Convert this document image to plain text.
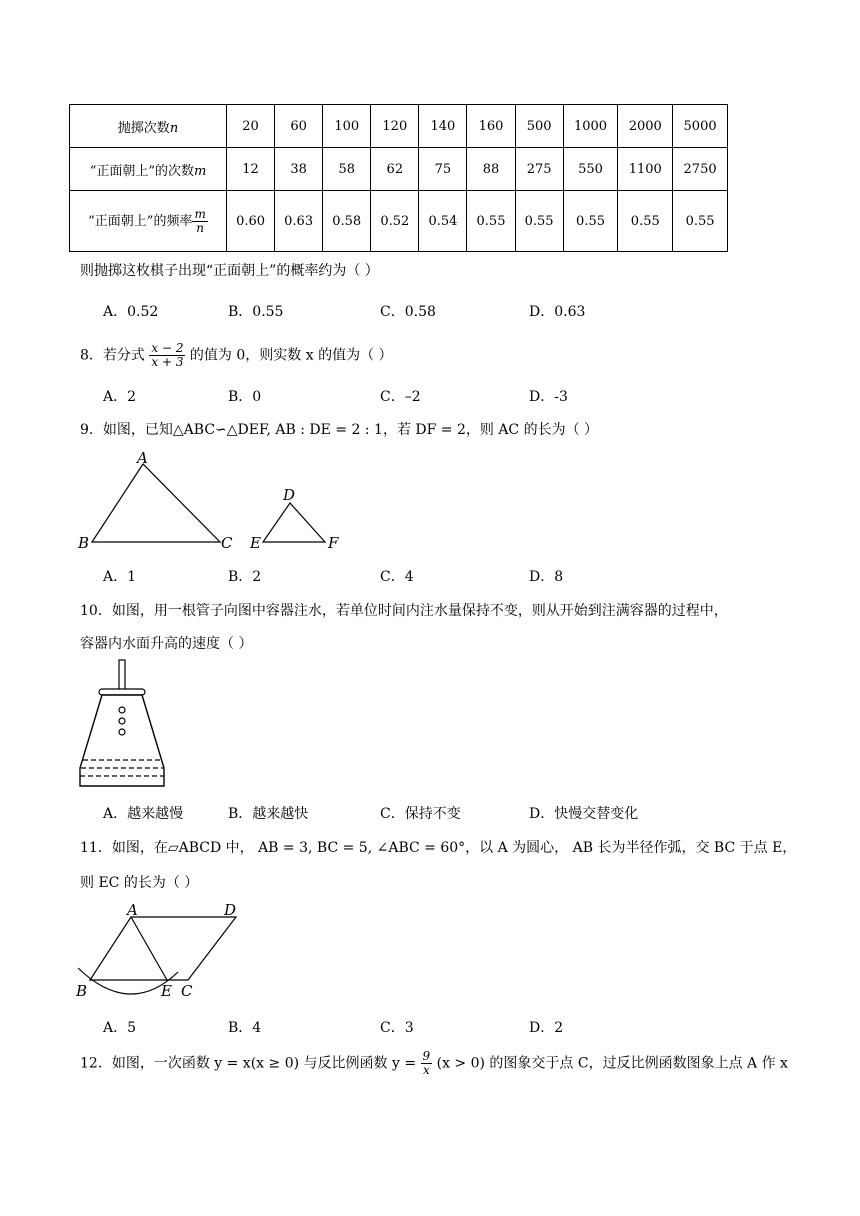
抛掷次数n	20	60	100	120	140	160	500	1000	2000	5000
“正面朝上”的次数m	12	38	58	62	75	88	275	550	1100	2750
“正面朝上”的频率 $\frac{m}{n}$	0.60	0.63	0.58	0.52	0.54	0.55	0.55	0.55	0.55	0.55
则抛掷这枚棋子出现“正面朝上”的概率约为（ ）
A．0.52	B．0.55	C．0.58	D．0.63
8．若分式 $\frac{x - 2}{x + 3}$ 的值为 0，则实数 x 的值为（ ）
A．2	B．0	C．–2	D．-3
9．如图，已知△ABC∽△DEF, AB : DE = 2 : 1，若 DF = 2，则 AC 的长为（ ）
A
B	C
D
E	F
A．1	B．2	C．4	D．8
10．如图，用一根管子向图中容器注水，若单位时间内注水量保持不变，则从开始到注满容器的过程中，
容器内水面升高的速度（ ）
A．越来越慢	B．越来越快	C．保持不变	D．快慢交替变化
11．如图，在▱ABCD 中， AB = 3, BC = 5, ∠ABC = 60°，以 A 为圆心， AB 长为半径作弧，交 BC 于点 E，
则 EC 的长为（ ）
A	D
B	E C
A．5	B．4	C．3	D．2
12．如图，一次函数 y = x(x ≥ 0) 与反比例函数 $y = \frac{9}{x} (x > 0)$ 的图象交于点 C，过反比例函数图象上点 A 作 x
